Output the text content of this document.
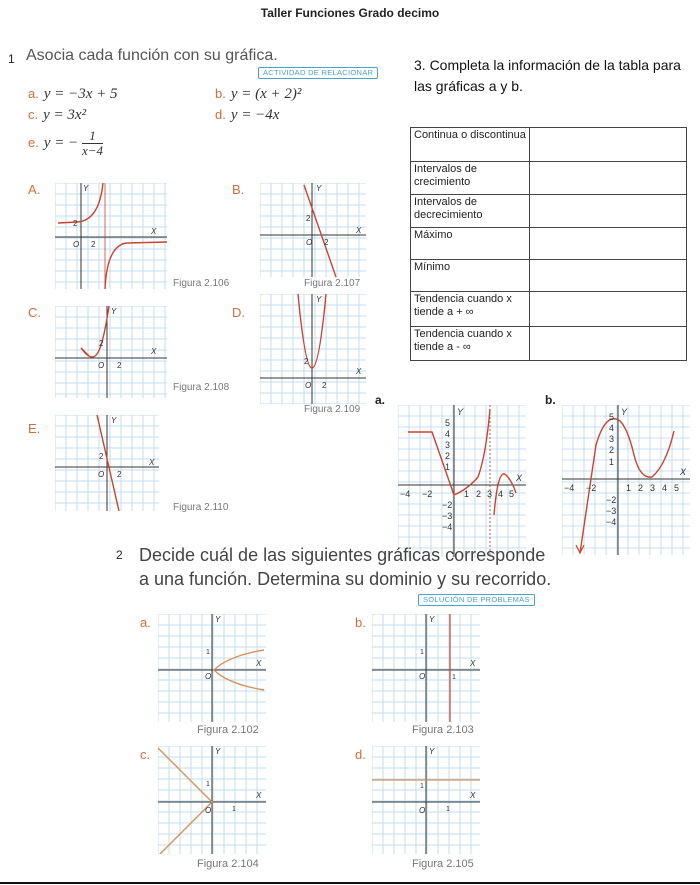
Taller Funciones Grado decimo
1 Asocia cada función con su gráfica.
ACTIVIDAD DE RELACIONAR
a. y = −3x + 5	b. y = (x + 2)²
c. y = 3x²	d. y = −4x
e. y = − $\frac{1}{x-4}$
A.	B.
C.	D.
E.
Y
X
O 2
2
Figura 2.106
Y
X
O 2
2
Figura 2.107
Y
X
O 2
2
Figura 2.108
Y
X
O 2
2
Figura 2.109
Y
X
O 2
2
Figura 2.110
3. Completa la información de la tabla para las gráficas a y b.
Continua o discontinua	
Intervalos de crecimiento	
Intervalos de decrecimiento	
Máximo	
Mínimo	
Tendencia cuando x tiende a + ∞	
Tendencia cuando x tiende a - ∞	
a.	b.
Y
X
5
4
3
2
1
−2
−3
−4
−4 −2	1 2 3 4 5
Y
X
5
4
3
2
1
−2
−3
−4
−4 −2	1 2 3 4 5
2 Decide cuál de las siguientes gráficas corresponde a una función. Determina su dominio y su recorrido.
SOLUCIÓN DE PROBLEMAS
a.	b.
c.	d.
Y
X
O
1
Figura 2.102
Y
X
O	1
1
Figura 2.103
Y
X
O	1
1
Figura 2.104
Y
X
O	1
1
Figura 2.105
